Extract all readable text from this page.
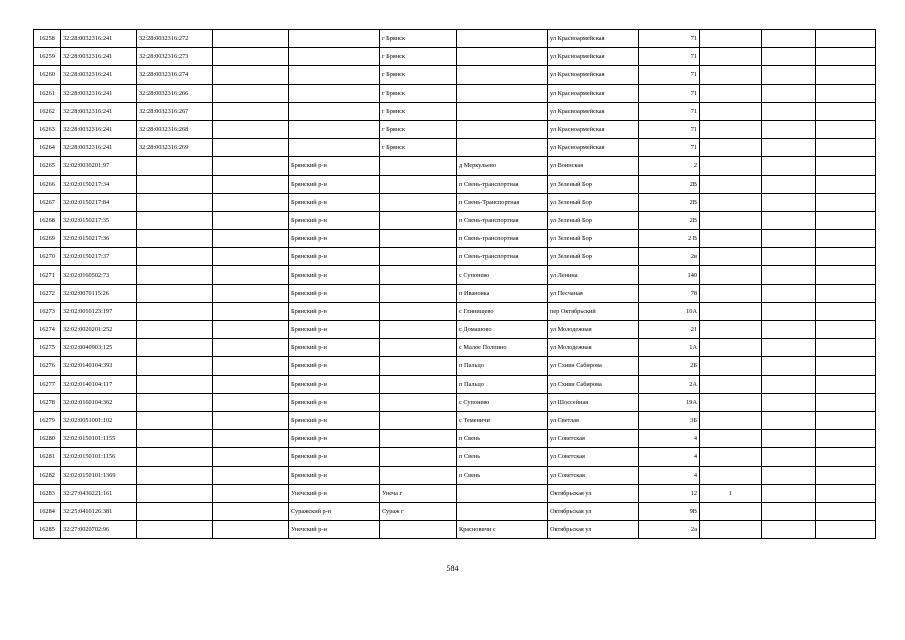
16258	32:28:0032316:241	32:28:0032316:272			г Брянск		ул Красноармейская	71			
16259	32:28:0032316:241	32:28:0032316:273			г Брянск		ул Красноармейская	71			
16260	32:28:0032316:241	32:28:0032316:274			г Брянск		ул Красноармейская	71			
16261	32:28:0032316:241	32:28:0032316:266			г Брянск		ул Красноармейская	71			
16262	32:28:0032316:241	32:28:0032316:267			г Брянск		ул Красноармейская	71			
16263	32:28:0032316:241	32:28:0032316:268			г Брянск		ул Красноармейская	71			
16264	32:28:0032316:241	32:28:0032316:269			г Брянск		ул Красноармейская	71			
16265	32:02:0030201:97			Брянский р-н		д Меркульево	ул Воинская	2			
16266	32:02:0150217:34			Брянский р-н		п Свень-транспортная	ул Зеленый Бор	2В			
16267	32:02:0150217:84			Брянский р-н		п Свень-Транспортная	ул Зеленый Бор	2В			
16268	32:02:0150217:35			Брянский р-н		п Свень-транспортная	ул Зеленый Бор	2В			
16269	32:02:0150217:36			Брянский р-н		п Свень-транспортная	ул Зеленый Бор	2 В			
16270	32:02:0150217:37			Брянский р-н		п Свень-транспортная	ул Зеленый Бор	2в			
16271	32:02:0160502:73			Брянский р-н		с Супонево	ул Ленина	140			
16272	32:02:0070115:26			Брянский р-н		п Ивановка	ул Песчаная	78			
16273	32:02:0010123:197			Брянский р-н		с Глинищево	пер Октябрьский	10А			
16274	32:02:0020201:252			Брянский р-н		с Домашово	ул Молодежная	21			
16275	32:02:0040903:125			Брянский р-н		с Малое Полпино	ул Молодежная	1А			
16276	32:02:0140104:393			Брянский р-н		п Пальцо	ул Схиви Сабирова	2Б			
16277	32:02:0140104:117			Брянский р-н		п Пальцо	ул Схиви Сабирова	2А			
16278	32:02:0160104:362			Брянский р-н		с Супонево	ул Шоссейная	19А			
16279	32:02:0051001:102			Брянский р-н		с Теменичи	ул Светлая	3Б			
16280	32:02:0150101:1155			Брянский р-н		п Свень	ул Советская	4			
16281	32:02:0150101:1156			Брянский р-н		п Свень	ул Советская	4			
16282	32:02:0150101:1369			Брянский р-н		п Свень	ул Советская	4			
16283	32:27:0430221:161			Унечский р-н	Унеча г		Октябрьская ул	12	1		
16284	32:25:0410126:381			Суражский р-н	Сураж г		Октябрьская ул	9В			
16285	32:27:0020702:96			Унечский р-н		Красновичи с	Октябрьская ул	2а			
584
